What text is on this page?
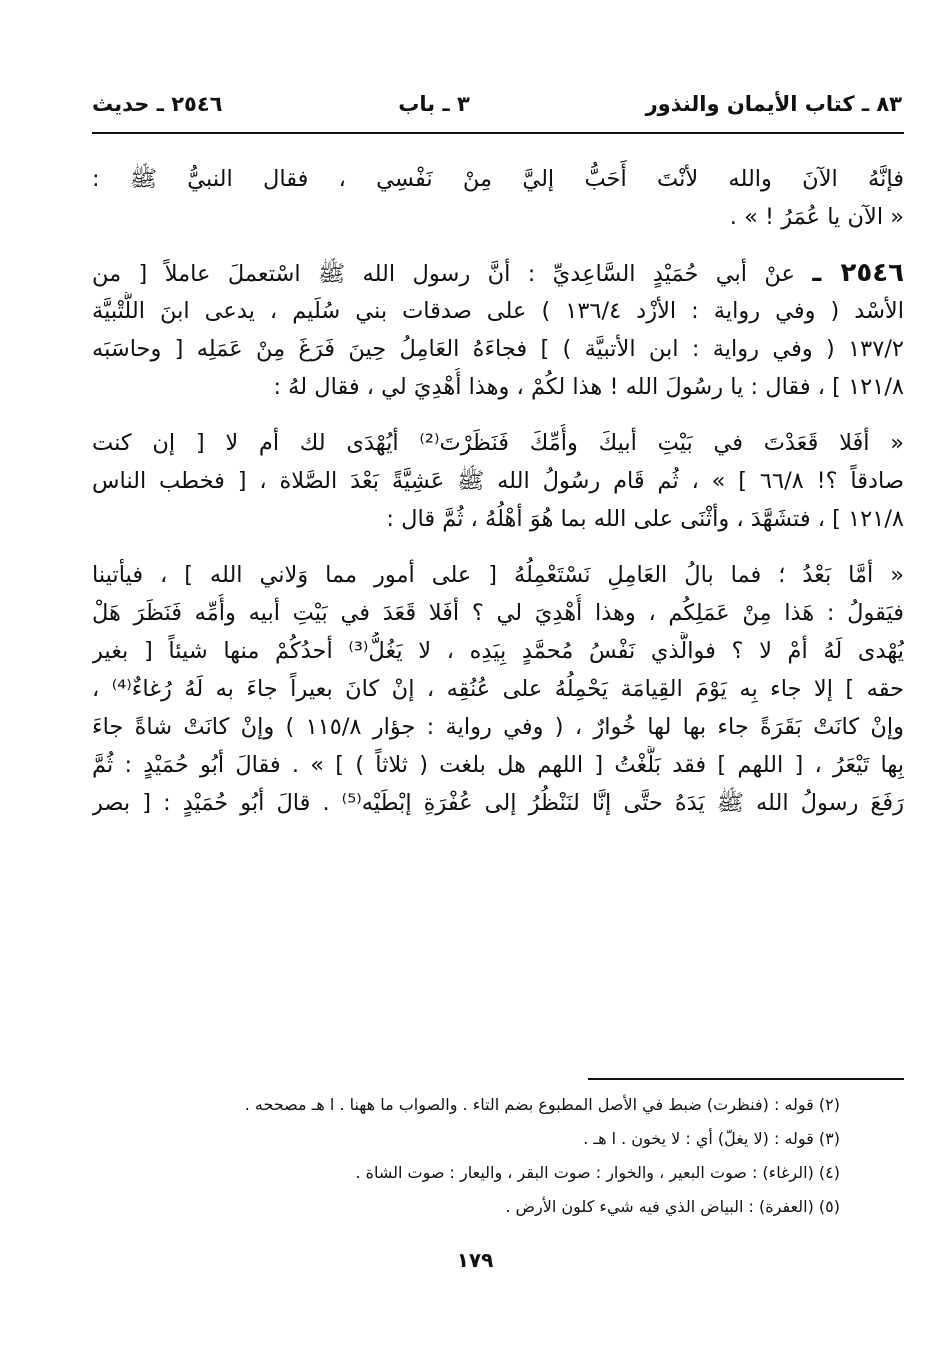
٨٣ ـ كتاب الأيمان والنذور
٣ ـ باب
٢٥٤٦ ـ حديث
فإنَّهُ الآنَ والله لأنْتَ أَحَبُّ إليَّ مِنْ نَفْسِي ، فقال النبيُّ ﷺ :
« الآن يا عُمَرُ ! » .
٢٥٤٦ ـ عنْ أبي حُمَيْدٍ السَّاعِديِّ : أنَّ رسول الله ﷺ اسْتعملَ عاملاً [ من
الأسْد ( وفي رواية : الأزْد ١٣٦/٤ ) على صدقات بني سُلَيم ، يدعى ابنَ اللُّتْبيَّة
١٣٧/٢ ( وفي رواية : ابن الأتبيَّة ) ] فجاءَهُ العَامِلُ حِينَ فَرَغَ مِنْ عَمَلِه [ وحاسَبَه
١٢١/٨ ] ، فقال : يا رسُولَ الله ! هذا لكُمْ ، وهذا أُهْدِيَ لي ، فقال لهُ :
« أفَلا قَعَدْتَ في بَيْتِ أبيكَ وأُمِّكَ فَنَظَرْتَ⁽²⁾ أيُهْدَى لك أم لا [ إن كنت
صادقاً ؟! ٦٦/٨ ] » ، ثُم قَام رسُولُ الله ﷺ عَشِيَّةً بَعْدَ الصَّلاة ، [ فخطب الناس
١٢١/٨ ] ، فتشَهَّدَ ، وأثْنَى على الله بما هُوَ أهْلُهُ ، ثُمَّ قال :
« أمَّا بَعْدُ ؛ فما بالُ العَامِلِ نَسْتَعْمِلُهُ [ على أمور مما وَلاني الله ] ، فيأتينا
فيَقولُ : هَذا مِنْ عَمَلِكُم ، وهذا أُهْدِيَ لي ؟ أفَلا قَعَدَ في بَيْتِ أبيه وأُمِّه فَنَظَرَ هَلْ
يُهْدى لَهُ أمْ لا ؟ فوالَّذي نَفْسُ مُحمَّدٍ بِيَدِه ، لا يَغُلُّ⁽³⁾ أحدُكُمْ منها شيئاً [ بغير
حقه ] إلا جاء بِه يَوْمَ القِيامَة يَحْمِلُهُ على عُنُقِه ، إنْ كانَ بعيراً جاءَ به لَهُ رُغاءٌ⁽⁴⁾ ،
وإنْ كانَتْ بَقَرَةً جاء بها لها خُوارٌ ، ( وفي رواية : جؤار ١١٥/٨ ) وإنْ كانَتْ شاةً جاءَ
بِها تَيْعَرُ ، [ اللهم ] فقد بَلَّغْتُ [ اللهم هل بلغت ( ثلاثاً ) ] » . فقالَ أبُو حُمَيْدٍ : ثُمَّ
رَفَعَ رسولُ الله ﷺ يَدَهُ حتَّى إنَّا لنَنْظُرُ إلى عُفْرَةِ إبْطَيْه⁽⁵⁾ . قالَ أبُو حُمَيْدٍ : [ بصر
(٢) قوله : (فنظرت) ضبط في الأصل المطبوع بضم التاء . والصواب ما ههنا . ا هـ مصححه .
(٣) قوله : (لا يغلّ) أي : لا يخون . ا هـ .
(٤) (الرغاء) : صوت البعير ، والخوار : صوت البقر ، واليعار : صوت الشاة .
(٥) (العفرة) : البياض الذي فيه شيء كلون الأرض .
١٧٩
